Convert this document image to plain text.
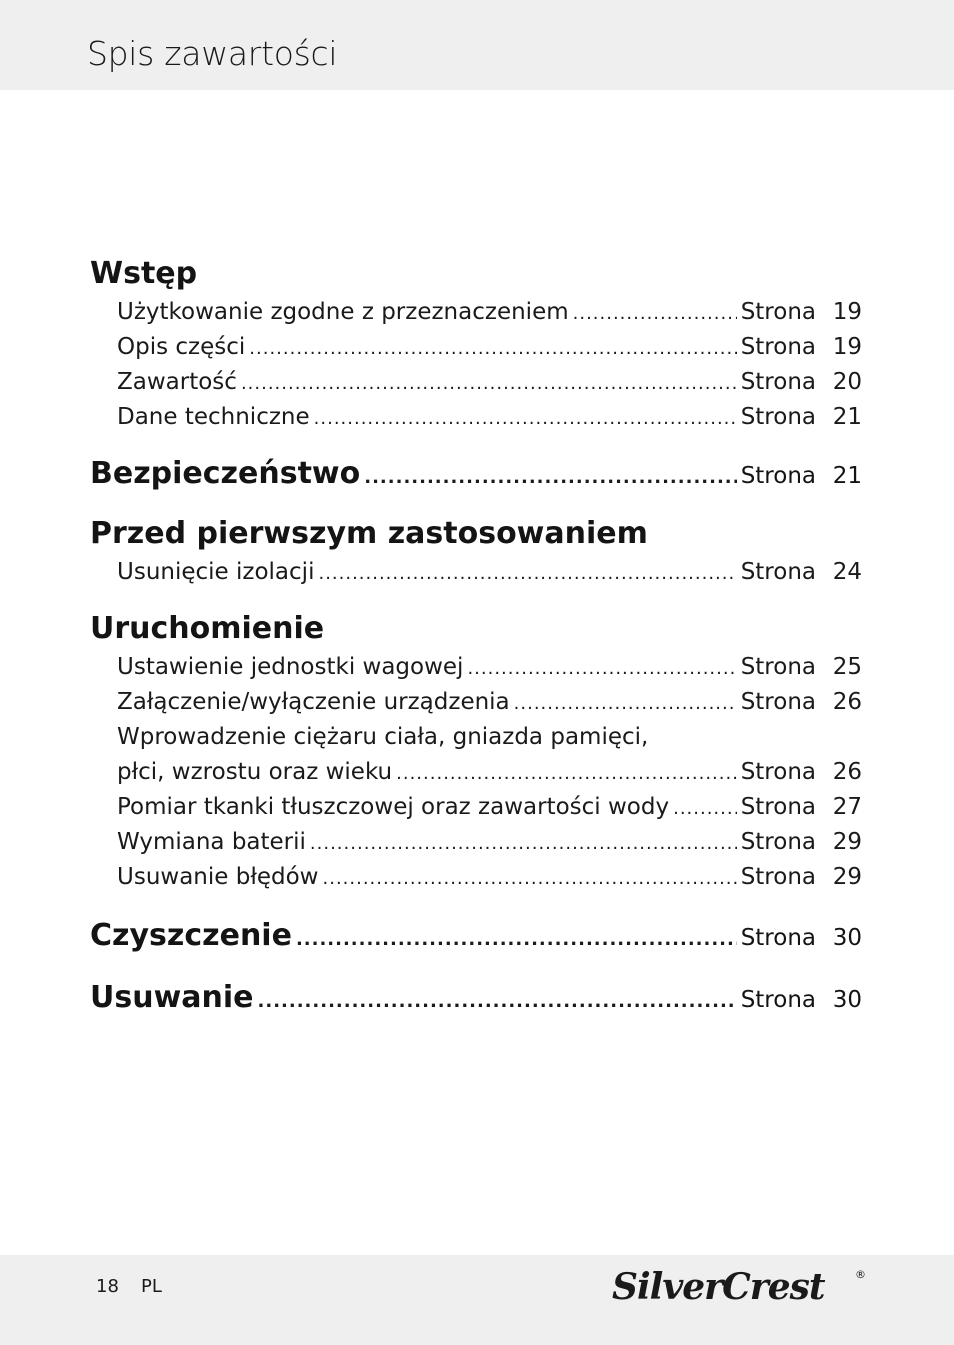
Spis zawartości
Wstęp
Użytkowanie zgodne z przeznaczeniem .....	Strona 19
Opis części .....	Strona 19
Zawartość .....	Strona 20
Dane techniczne .....	Strona 21
Bezpieczeństwo .....	Strona 21
Przed pierwszym zastosowaniem
Usunięcie izolacji .....	Strona 24
Uruchomienie
Ustawienie jednostki wagowej .....	Strona 25
Załączenie/wyłączenie urządzenia .....	Strona 26
Wprowadzenie ciężaru ciała, gniazda pamięci,
płci, wzrostu oraz wieku .....	Strona 26
Pomiar tkanki tłuszczowej oraz zawartości wody .....	Strona 27
Wymiana baterii .....	Strona 29
Usuwanie błędów .....	Strona 29
Czyszczenie .....	Strona 30
Usuwanie .....	Strona 30
18 PL	SilverCrest	®
